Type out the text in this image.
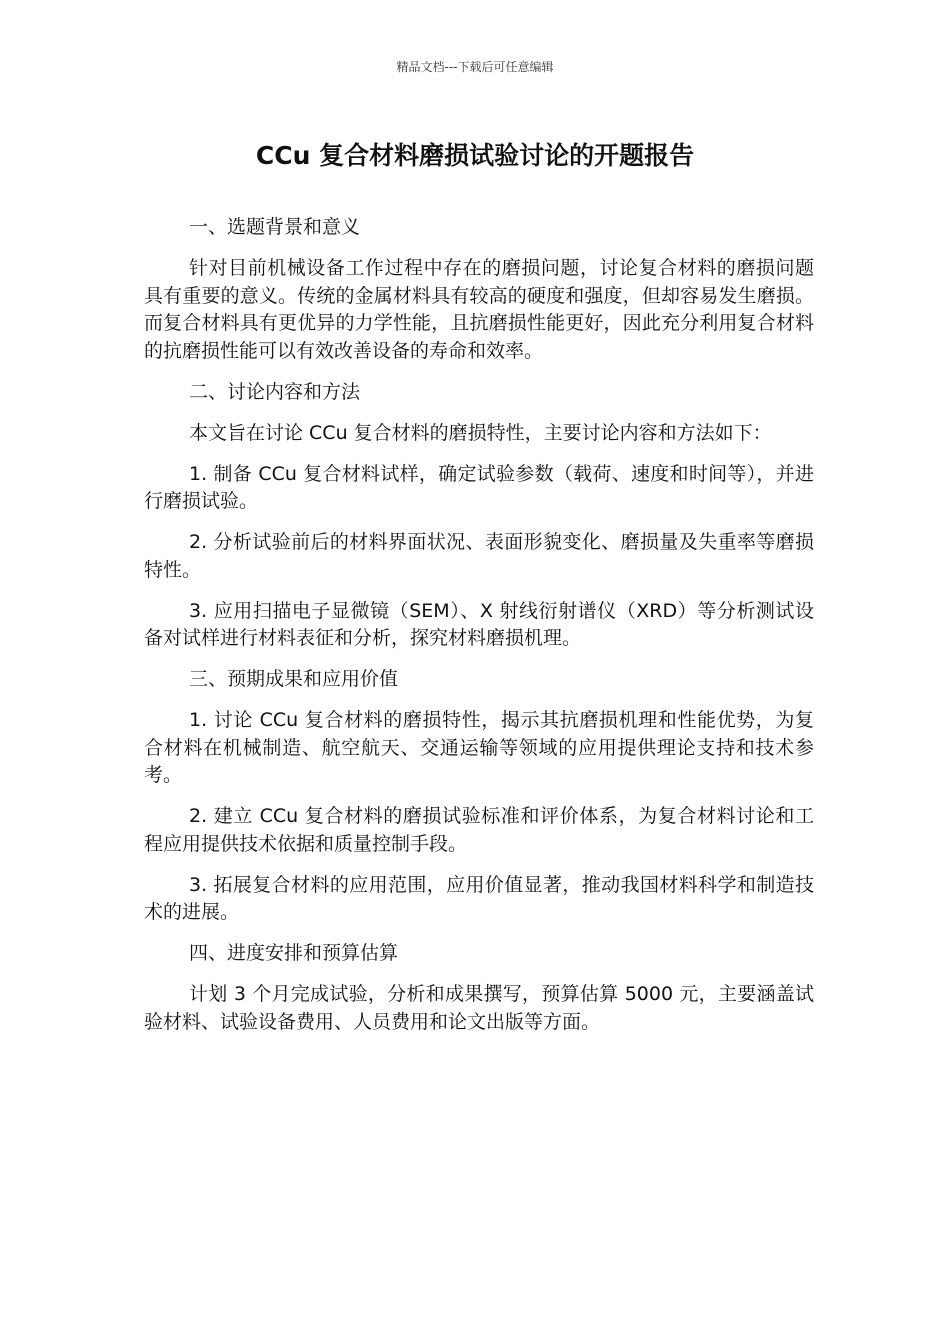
精品文档---下载后可任意编辑
CCu 复合材料磨损试验讨论的开题报告

一、选题背景和意义

针对目前机械设备工作过程中存在的磨损问题，讨论复合材料的磨损问题具有重要的意义。传统的金属材料具有较高的硬度和强度，但却容易发生磨损。而复合材料具有更优异的力学性能，且抗磨损性能更好，因此充分利用复合材料的抗磨损性能可以有效改善设备的寿命和效率。

二、讨论内容和方法

本文旨在讨论 CCu 复合材料的磨损特性，主要讨论内容和方法如下：

1. 制备 CCu 复合材料试样，确定试验参数（载荷、速度和时间等），并进行磨损试验。

2. 分析试验前后的材料界面状况、表面形貌变化、磨损量及失重率等磨损特性。

3. 应用扫描电子显微镜（SEM）、X 射线衍射谱仪（XRD）等分析测试设备对试样进行材料表征和分析，探究材料磨损机理。

三、预期成果和应用价值

1. 讨论 CCu 复合材料的磨损特性，揭示其抗磨损机理和性能优势，为复合材料在机械制造、航空航天、交通运输等领域的应用提供理论支持和技术参考。

2. 建立 CCu 复合材料的磨损试验标准和评价体系，为复合材料讨论和工程应用提供技术依据和质量控制手段。

3. 拓展复合材料的应用范围，应用价值显著，推动我国材料科学和制造技术的进展。

四、进度安排和预算估算

计划 3 个月完成试验，分析和成果撰写，预算估算 5000 元，主要涵盖试验材料、试验设备费用、人员费用和论文出版等方面。
